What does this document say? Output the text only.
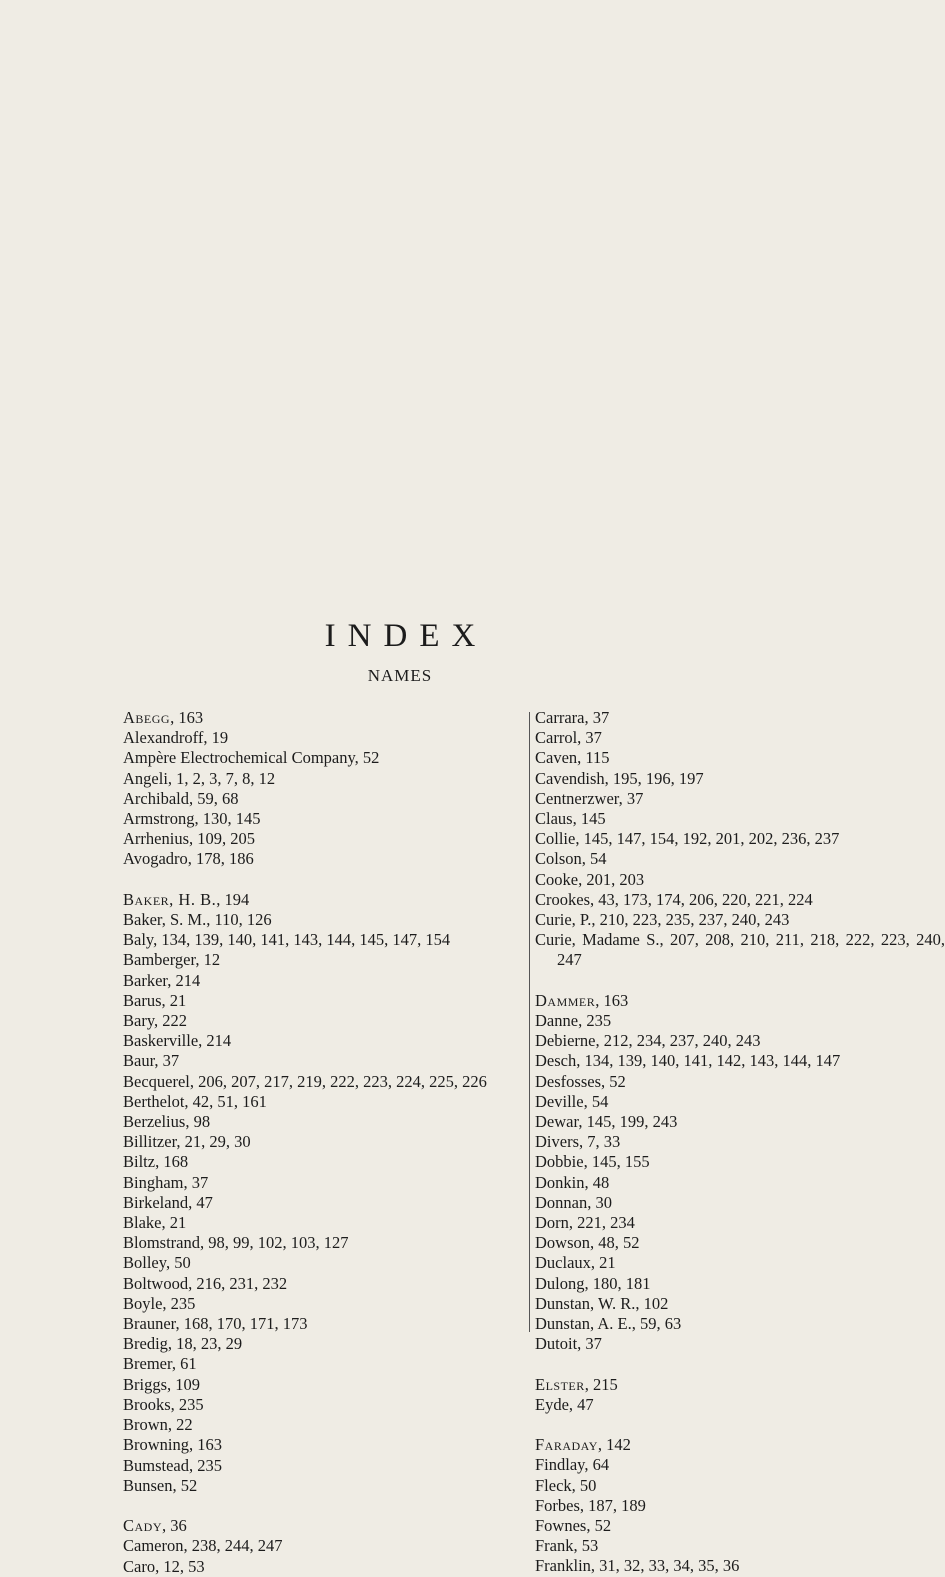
INDEX
NAMES
Abegg, 163
Alexandroff, 19
Ampère Electrochemical Company, 52
Angeli, 1, 2, 3, 7, 8, 12
Archibald, 59, 68
Armstrong, 130, 145
Arrhenius, 109, 205
Avogadro, 178, 186
Baker, H. B., 194
Baker, S. M., 110, 126
Baly, 134, 139, 140, 141, 143, 144, 145, 147, 154
Bamberger, 12
Barker, 214
Barus, 21
Bary, 222
Baskerville, 214
Baur, 37
Becquerel, 206, 207, 217, 219, 222, 223, 224, 225, 226
Berthelot, 42, 51, 161
Berzelius, 98
Billitzer, 21, 29, 30
Biltz, 168
Bingham, 37
Birkeland, 47
Blake, 21
Blomstrand, 98, 99, 102, 103, 127
Bolley, 50
Boltwood, 216, 231, 232
Boyle, 235
Brauner, 168, 170, 171, 173
Bredig, 18, 23, 29
Bremer, 61
Briggs, 109
Brooks, 235
Brown, 22
Browning, 163
Bumstead, 235
Bunsen, 52
Cady, 36
Cameron, 238, 244, 247
Caro, 12, 53
Carrara, 37
Carrol, 37
Caven, 115
Cavendish, 195, 196, 197
Centnerzwer, 37
Claus, 145
Collie, 145, 147, 154, 192, 201, 202, 236, 237
Colson, 54
Cooke, 201, 203
Crookes, 43, 173, 174, 206, 220, 221, 224
Curie, P., 210, 223, 235, 237, 240, 243
Curie, Madame S., 207, 208, 210, 211, 218, 222, 223, 240, 247
Dammer, 163
Danne, 235
Debierne, 212, 234, 237, 240, 243
Desch, 134, 139, 140, 141, 142, 143, 144, 147
Desfosses, 52
Deville, 54
Dewar, 145, 199, 243
Divers, 7, 33
Dobbie, 145, 155
Donkin, 48
Donnan, 30
Dorn, 221, 234
Dowson, 48, 52
Duclaux, 21
Dulong, 180, 181
Dunstan, W. R., 102
Dunstan, A. E., 59, 63
Dutoit, 37
Elster, 215
Eyde, 47
Faraday, 142
Findlay, 64
Fleck, 50
Forbes, 187, 189
Fownes, 52
Frank, 53
Franklin, 31, 32, 33, 34, 35, 36
